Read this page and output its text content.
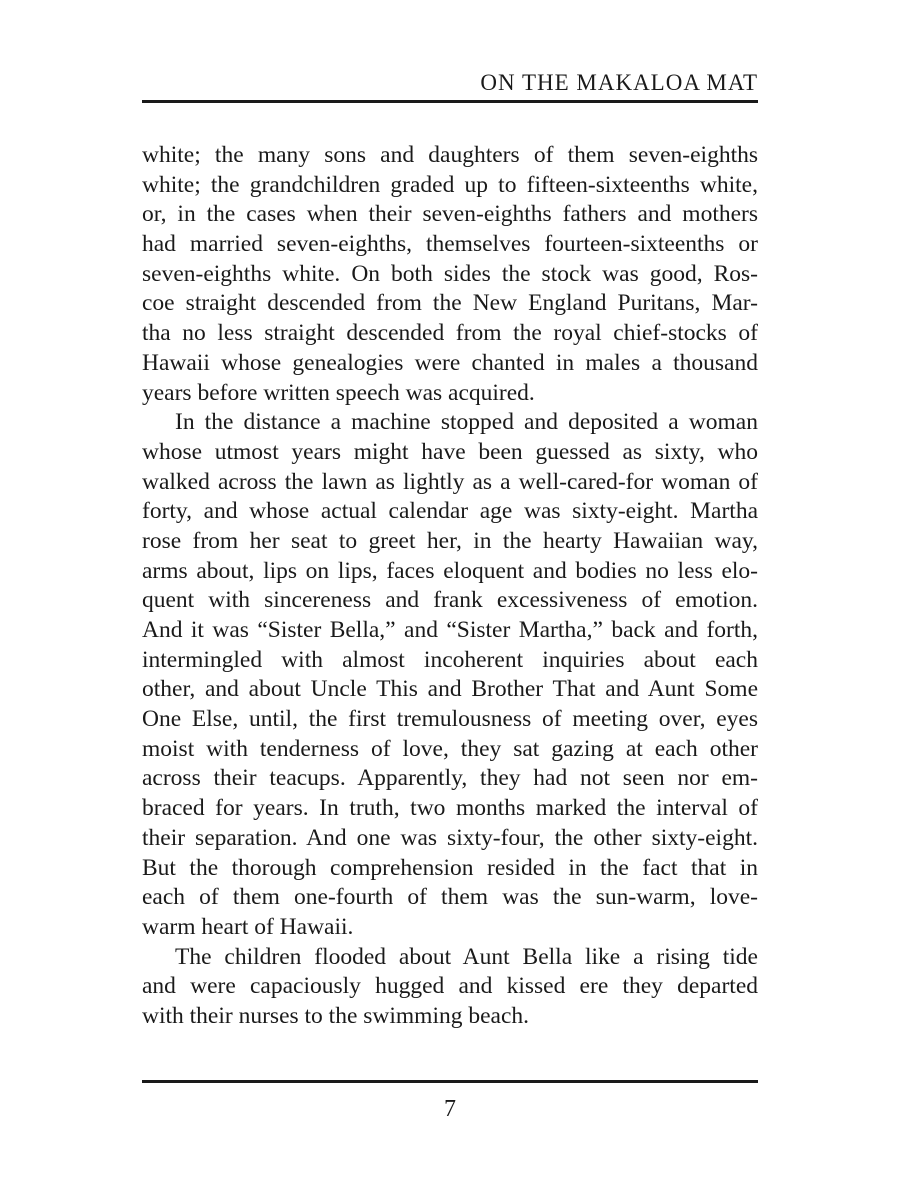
ON THE MAKALOA MAT
white; the many sons and daughters of them seven-eighths
white; the grandchildren graded up to fifteen-sixteenths white,
or, in the cases when their seven-eighths fathers and mothers
had married seven-eighths, themselves fourteen-sixteenths or
seven-eighths white. On both sides the stock was good, Ros-
coe straight descended from the New England Puritans, Mar-
tha no less straight descended from the royal chief-stocks of
Hawaii whose genealogies were chanted in males a thousand
years before written speech was acquired.
In the distance a machine stopped and deposited a woman
whose utmost years might have been guessed as sixty, who
walked across the lawn as lightly as a well-cared-for woman of
forty, and whose actual calendar age was sixty-eight. Martha
rose from her seat to greet her, in the hearty Hawaiian way,
arms about, lips on lips, faces eloquent and bodies no less elo-
quent with sincereness and frank excessiveness of emotion.
And it was “Sister Bella,” and “Sister Martha,” back and forth,
intermingled with almost incoherent inquiries about each
other, and about Uncle This and Brother That and Aunt Some
One Else, until, the first tremulousness of meeting over, eyes
moist with tenderness of love, they sat gazing at each other
across their teacups. Apparently, they had not seen nor em-
braced for years. In truth, two months marked the interval of
their separation. And one was sixty-four, the other sixty-eight.
But the thorough comprehension resided in the fact that in
each of them one-fourth of them was the sun-warm, love-
warm heart of Hawaii.
The children flooded about Aunt Bella like a rising tide
and were capaciously hugged and kissed ere they departed
with their nurses to the swimming beach.
7
